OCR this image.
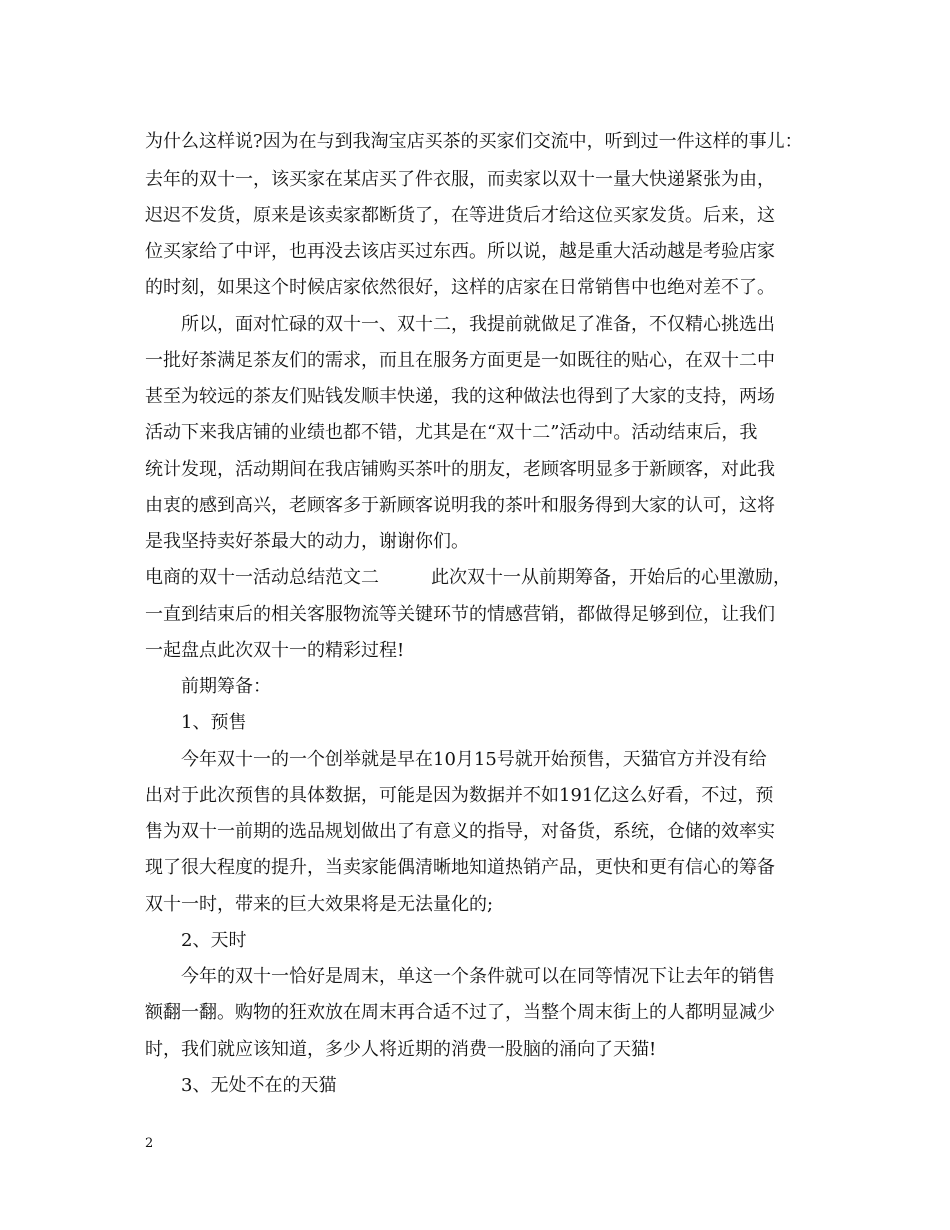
为什么这样说?因为在与到我淘宝店买茶的买家们交流中，听到过一件这样的事儿：
去年的双十一，该买家在某店买了件衣服，而卖家以双十一量大快递紧张为由，
迟迟不发货，原来是该卖家都断货了，在等进货后才给这位买家发货。后来，这
位买家给了中评，也再没去该店买过东西。所以说，越是重大活动越是考验店家
的时刻，如果这个时候店家依然很好，这样的店家在日常销售中也绝对差不了。
所以，面对忙碌的双十一、双十二，我提前就做足了准备，不仅精心挑选出
一批好茶满足茶友们的需求，而且在服务方面更是一如既往的贴心，在双十二中
甚至为较远的茶友们贴钱发顺丰快递，我的这种做法也得到了大家的支持，两场
活动下来我店铺的业绩也都不错，尤其是在“双十二”活动中。活动结束后，我
统计发现，活动期间在我店铺购买茶叶的朋友，老顾客明显多于新顾客，对此我
由衷的感到高兴，老顾客多于新顾客说明我的茶叶和服务得到大家的认可，这将
是我坚持卖好茶最大的动力，谢谢你们。
电商的双十一活动总结范文二	此次双十一从前期筹备，开始后的心里激励，
一直到结束后的相关客服物流等关键环节的情感营销，都做得足够到位，让我们
一起盘点此次双十一的精彩过程!
前期筹备：
1、预售
今年双十一的一个创举就是早在10月15号就开始预售，天猫官方并没有给
出对于此次预售的具体数据，可能是因为数据并不如191亿这么好看，不过，预
售为双十一前期的选品规划做出了有意义的指导，对备货，系统，仓储的效率实
现了很大程度的提升，当卖家能偶清晰地知道热销产品，更快和更有信心的筹备
双十一时，带来的巨大效果将是无法量化的;
2、天时
今年的双十一恰好是周末，单这一个条件就可以在同等情况下让去年的销售
额翻一翻。购物的狂欢放在周末再合适不过了，当整个周末街上的人都明显减少
时，我们就应该知道，多少人将近期的消费一股脑的涌向了天猫!
3、无处不在的天猫
2
